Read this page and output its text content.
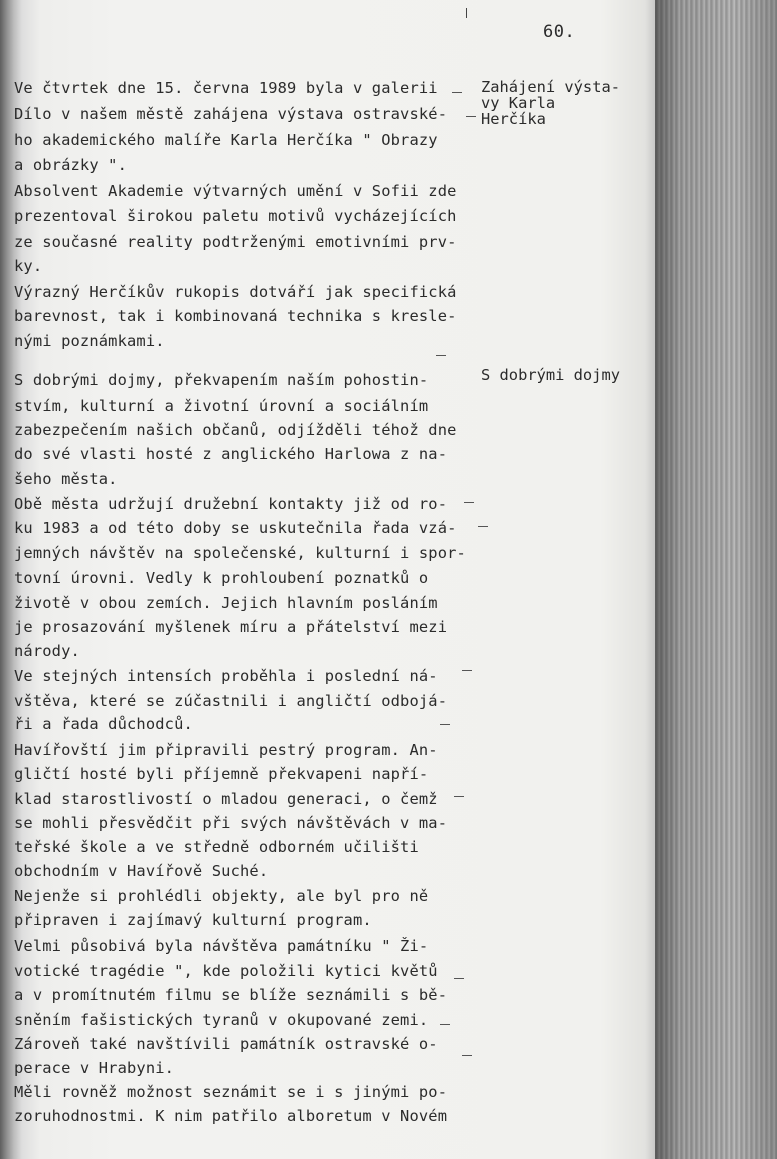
60.
Zahájení výsta-
vy Karla
Herčíka
S dobrými dojmy
Ve čtvrtek dne 15. června 1989 byla v galerii
Dílo v našem městě zahájena výstava ostravské-
ho akademického malíře Karla Herčíka " Obrazy
a obrázky ".
Absolvent Akademie výtvarných umění v Sofii zde
prezentoval širokou paletu motivů vycházejících
ze současné reality podtrženými emotivními prv-
ky.
Výrazný Herčíkův rukopis dotváří jak specifická
barevnost, tak i kombinovaná technika s kresle-
nými poznámkami.
S dobrými dojmy, překvapením naším pohostin-
stvím, kulturní a životní úrovní a sociálním
zabezpečením našich občanů, odjížděli téhož dne
do své vlasti hosté z anglického Harlowa z na-
šeho města.
Obě města udržují družební kontakty již od ro-
ku 1983 a od této doby se uskutečnila řada vzá-
jemných návštěv na společenské, kulturní i spor-
tovní úrovni. Vedly k prohloubení poznatků o
životě v obou zemích. Jejich hlavním posláním
je prosazování myšlenek míru a přátelství mezi
národy.
Ve stejných intensích proběhla i poslední ná-
vštěva, které se zúčastnili i angličtí odbojá-
ři a řada důchodců.
Havířovští jim připravili pestrý program. An-
gličtí hosté byli příjemně překvapeni napří-
klad starostlivostí o mladou generaci, o čemž
se mohli přesvědčit při svých návštěvách v ma-
teřské škole a ve středně odborném učilišti
obchodním v Havířově Suché.
Nejenže si prohlédli objekty, ale byl pro ně
připraven i zajímavý kulturní program.
Velmi působivá byla návštěva památníku " Ži-
votické tragédie ", kde položili kytici květů
a v promítnutém filmu se blíže seznámili s bě-
sněním fašistických tyranů v okupované zemi.
Zároveň také navštívili památník ostravské o-
perace v Hrabyni.
Měli rovněž možnost seznámit se i s jinými po-
zoruhodnostmi. K nim patřilo alboretum v Novém
